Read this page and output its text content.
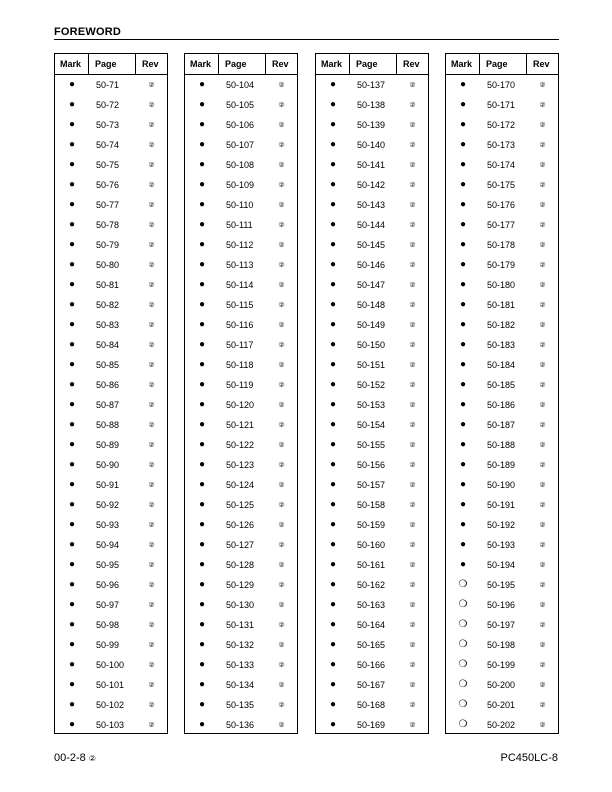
FOREWORD
Mark	Page	Rev
●	50-71	②
●	50-72	②
●	50-73	②
●	50-74	②
●	50-75	②
●	50-76	②
●	50-77	②
●	50-78	②
●	50-79	②
●	50-80	②
●	50-81	②
●	50-82	②
●	50-83	②
●	50-84	②
●	50-85	②
●	50-86	②
●	50-87	②
●	50-88	②
●	50-89	②
●	50-90	②
●	50-91	②
●	50-92	②
●	50-93	②
●	50-94	②
●	50-95	②
●	50-96	②
●	50-97	②
●	50-98	②
●	50-99	②
●	50-100	②
●	50-101	②
●	50-102	②
●	50-103	②
Mark	Page	Rev
●	50-104	②
●	50-105	②
●	50-106	②
●	50-107	②
●	50-108	②
●	50-109	②
●	50-110	②
●	50-111	②
●	50-112	②
●	50-113	②
●	50-114	②
●	50-115	②
●	50-116	②
●	50-117	②
●	50-118	②
●	50-119	②
●	50-120	②
●	50-121	②
●	50-122	②
●	50-123	②
●	50-124	②
●	50-125	②
●	50-126	②
●	50-127	②
●	50-128	②
●	50-129	②
●	50-130	②
●	50-131	②
●	50-132	②
●	50-133	②
●	50-134	②
●	50-135	②
●	50-136	②
Mark	Page	Rev
●	50-137	②
●	50-138	②
●	50-139	②
●	50-140	②
●	50-141	②
●	50-142	②
●	50-143	②
●	50-144	②
●	50-145	②
●	50-146	②
●	50-147	②
●	50-148	②
●	50-149	②
●	50-150	②
●	50-151	②
●	50-152	②
●	50-153	②
●	50-154	②
●	50-155	②
●	50-156	②
●	50-157	②
●	50-158	②
●	50-159	②
●	50-160	②
●	50-161	②
●	50-162	②
●	50-163	②
●	50-164	②
●	50-165	②
●	50-166	②
●	50-167	②
●	50-168	②
●	50-169	②
Mark	Page	Rev
●	50-170	②
●	50-171	②
●	50-172	②
●	50-173	②
●	50-174	②
●	50-175	②
●	50-176	②
●	50-177	②
●	50-178	②
●	50-179	②
●	50-180	②
●	50-181	②
●	50-182	②
●	50-183	②
●	50-184	②
●	50-185	②
●	50-186	②
●	50-187	②
●	50-188	②
●	50-189	②
●	50-190	②
●	50-191	②
●	50-192	②
●	50-193	②
●	50-194	②
❍	50-195	②
❍	50-196	②
❍	50-197	②
❍	50-198	②
❍	50-199	②
❍	50-200	②
❍	50-201	②
❍	50-202	②
00-2-8 ②	PC450LC-8
